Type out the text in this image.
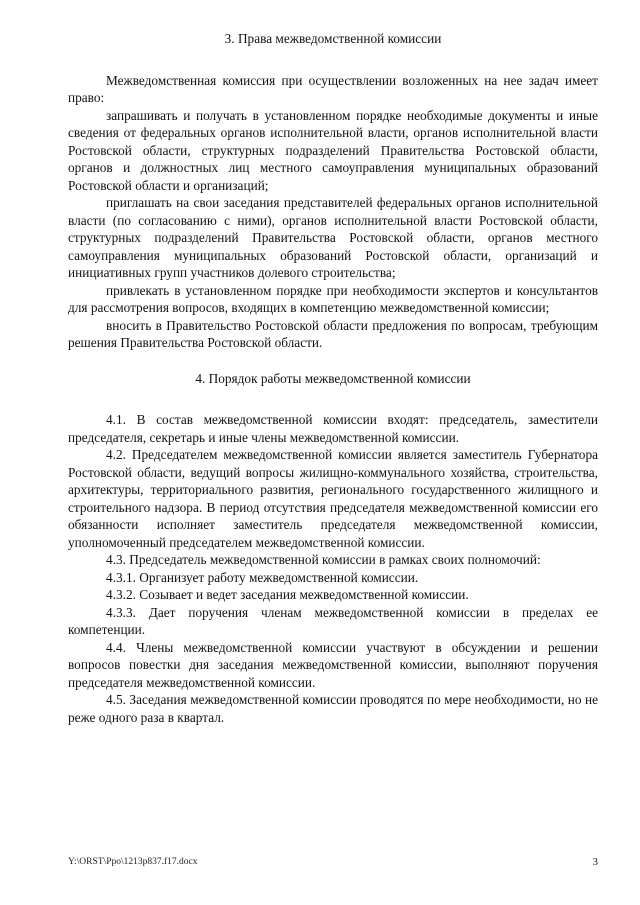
3. Права межведомственной комиссии

Межведомственная комиссия при осуществлении возложенных на нее задач имеет право:

запрашивать и получать в установленном порядке необходимые документы и иные сведения от федеральных органов исполнительной власти, органов исполнительной власти Ростовской области, структурных подразделений Правительства Ростовской области, органов и должностных лиц местного самоуправления муниципальных образований Ростовской области и организаций;

приглашать на свои заседания представителей федеральных органов исполнительной власти (по согласованию с ними), органов исполнительной власти Ростовской области, структурных подразделений Правительства Ростовской области, органов местного самоуправления муниципальных образований Ростовской области, организаций и инициативных групп участников долевого строительства;

привлекать в установленном порядке при необходимости экспертов и консультантов для рассмотрения вопросов, входящих в компетенцию межведомственной комиссии;

вносить в Правительство Ростовской области предложения по вопросам, требующим решения Правительства Ростовской области.

4. Порядок работы межведомственной комиссии

4.1. В состав межведомственной комиссии входят: председатель, заместители председателя, секретарь и иные члены межведомственной комиссии.

4.2. Председателем межведомственной комиссии является заместитель Губернатора Ростовской области, ведущий вопросы жилищно-коммунального хозяйства, строительства, архитектуры, территориального развития, регионального государственного жилищного и строительного надзора. В период отсутствия председателя межведомственной комиссии его обязанности исполняет заместитель председателя межведомственной комиссии, уполномоченный председателем межведомственной комиссии.

4.3. Председатель межведомственной комиссии в рамках своих полномочий:

4.3.1. Организует работу межведомственной комиссии.

4.3.2. Созывает и ведет заседания межведомственной комиссии.

4.3.3. Дает поручения членам межведомственной комиссии в пределах ее компетенции.

4.4. Члены межведомственной комиссии участвуют в обсуждении и решении вопросов повестки дня заседания межведомственной комиссии, выполняют поручения председателя межведомственной комиссии.

4.5. Заседания межведомственной комиссии проводятся по мере необходимости, но не реже одного раза в квартал.

Y:\ORST\Ppo\1213p837.f17.docx	3
